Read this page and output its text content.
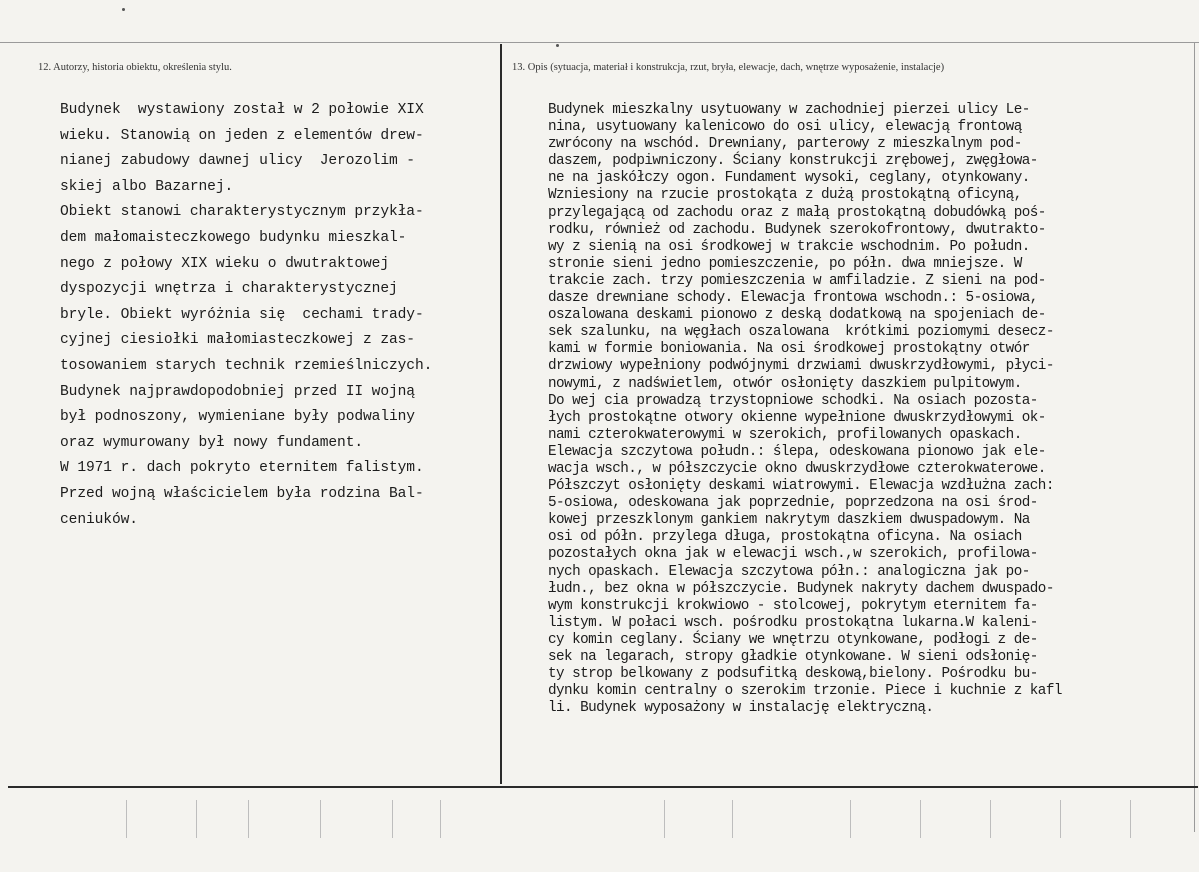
12. Autorzy, historia obiektu, określenia stylu.	13. Opis (sytuacja, materiał i konstrukcja, rzut, bryła, elewacje, dach, wnętrze wyposażenie, instalacje)
Budynek  wystawiony został w 2 połowie XIX
wieku. Stanowią on jeden z elementów drew-
nianej zabudowy dawnej ulicy  Jerozolim -
skiej albo Bazarnej.
Obiekt stanowi charakterystycznym przykła-
dem małomaisteczkowego budynku mieszkal-
nego z połowy XIX wieku o dwutraktowej
dyspozycji wnętrza i charakterystycznej
bryle. Obiekt wyróżnia się  cechami trady-
cyjnej ciesiołki małomiasteczkowej z zas-
tosowaniem starych technik rzemieślniczych.
Budynek najprawdopodobniej przed II wojną
był podnoszony, wymieniane były podwaliny
oraz wymurowany był nowy fundament.
W 1971 r. dach pokryto eternitem falistym.
Przed wojną właścicielem była rodzina Bal-
ceniuków.
Budynek mieszkalny usytuowany w zachodniej pierzei ulicy Le-
nina, usytuowany kalenicowo do osi ulicy, elewacją frontową
zwrócony na wschód. Drewniany, parterowy z mieszkalnym pod-
daszem, podpiwniczony. Ściany konstrukcji zrębowej, zwęgłowa-
ne na jaskółczy ogon. Fundament wysoki, ceglany, otynkowany.
Wzniesiony na rzucie prostokąta z dużą prostokątną oficyną,
przylegającą od zachodu oraz z małą prostokątną dobudówką poś-
rodku, również od zachodu. Budynek szerokofrontowy, dwutrakto-
wy z sienią na osi środkowej w trakcie wschodnim. Po połudn.
stronie sieni jedno pomieszczenie, po półn. dwa mniejsze. W
trakcie zach. trzy pomieszczenia w amfiladzie. Z sieni na pod-
dasze drewniane schody. Elewacja frontowa wschodn.: 5-osiowa,
oszalowana deskami pionowo z deską dodatkową na spojeniach de-
sek szalunku, na węgłach oszalowana  krótkimi poziomymi desecz-
kami w formie boniowania. Na osi środkowej prostokątny otwór
drzwiowy wypełniony podwójnymi drzwiami dwuskrzydłowymi, płyci-
nowymi, z nadświetlem, otwór osłonięty daszkiem pulpitowym.
Do wej cia prowadzą trzystopniowe schodki. Na osiach pozosta-
łych prostokątne otwory okienne wypełnione dwuskrzydłowymi ok-
nami czterokwaterowymi w szerokich, profilowanych opaskach.
Elewacja szczytowa połudn.: ślepa, odeskowana pionowo jak ele-
wacja wsch., w półszczycie okno dwuskrzydłowe czterokwaterowe.
Półszczyt osłonięty deskami wiatrowymi. Elewacja wzdłużna zach:
5-osiowa, odeskowana jak poprzednie, poprzedzona na osi środ-
kowej przeszklonym gankiem nakrytym daszkiem dwuspadowym. Na
osi od półn. przylega długa, prostokątna oficyna. Na osiach
pozostałych okna jak w elewacji wsch.,w szerokich, profilowa-
nych opaskach. Elewacja szczytowa półn.: analogiczna jak po-
łudn., bez okna w półszczycie. Budynek nakryty dachem dwuspado-
wym konstrukcji krokwiowo - stolcowej, pokrytym eternitem fa-
listym. W połaci wsch. pośrodku prostokątna lukarna.W kaleni-
cy komin ceglany. Ściany we wnętrzu otynkowane, podłogi z de-
sek na legarach, stropy gładkie otynkowane. W sieni odsłonię-
ty strop belkowany z podsufitką deskową,bielony. Pośrodku bu-
dynku komin centralny o szerokim trzonie. Piece i kuchnie z kafl
li. Budynek wyposażony w instalację elektryczną.
